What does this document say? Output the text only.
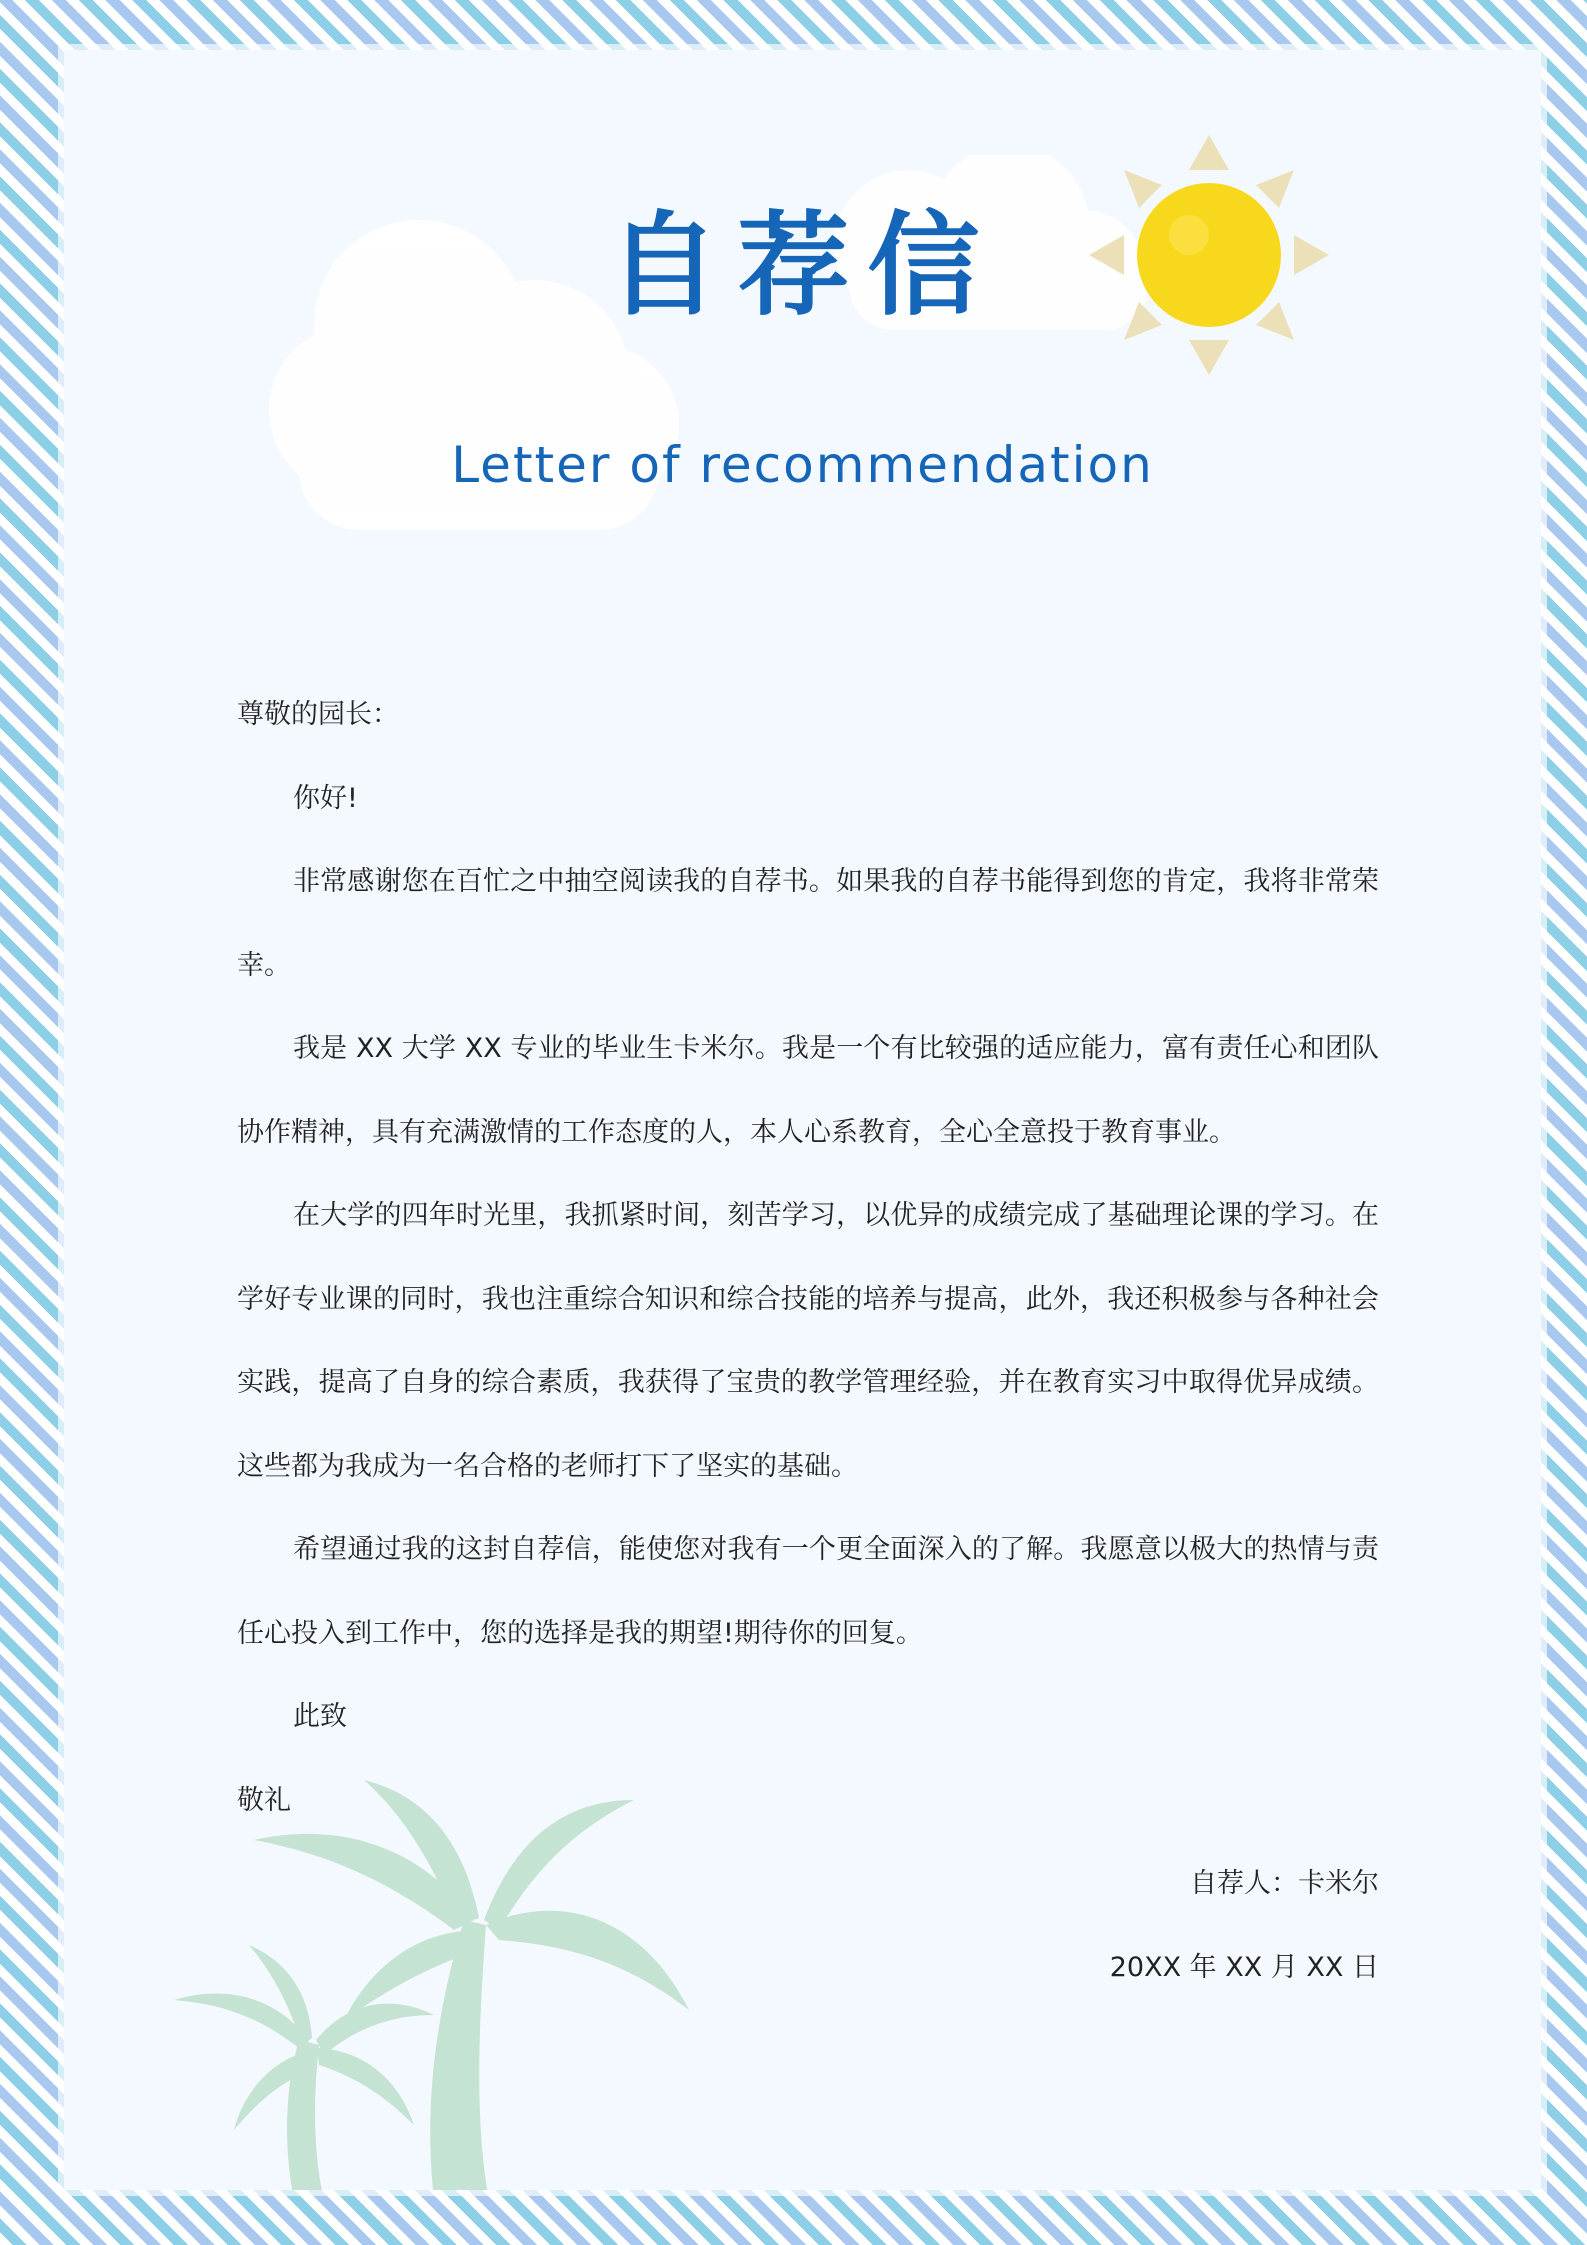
自荐信
Letter of recommendation

尊敬的园长：

你好!

非常感谢您在百忙之中抽空阅读我的自荐书。如果我的自荐书能得到您的肯定，我将非常荣幸。

我是 XX 大学 XX 专业的毕业生卡米尔。我是一个有比较强的适应能力，富有责任心和团队协作精神，具有充满激情的工作态度的人，本人心系教育，全心全意投于教育事业。

在大学的四年时光里，我抓紧时间，刻苦学习，以优异的成绩完成了基础理论课的学习。在学好专业课的同时，我也注重综合知识和综合技能的培养与提高，此外，我还积极参与各种社会实践，提高了自身的综合素质，我获得了宝贵的教学管理经验，并在教育实习中取得优异成绩。这些都为我成为一名合格的老师打下了坚实的基础。

希望通过我的这封自荐信，能使您对我有一个更全面深入的了解。我愿意以极大的热情与责任心投入到工作中，您的选择是我的期望!期待你的回复。

此致

敬礼

自荐人：卡米尔

20XX 年 XX 月 XX 日
